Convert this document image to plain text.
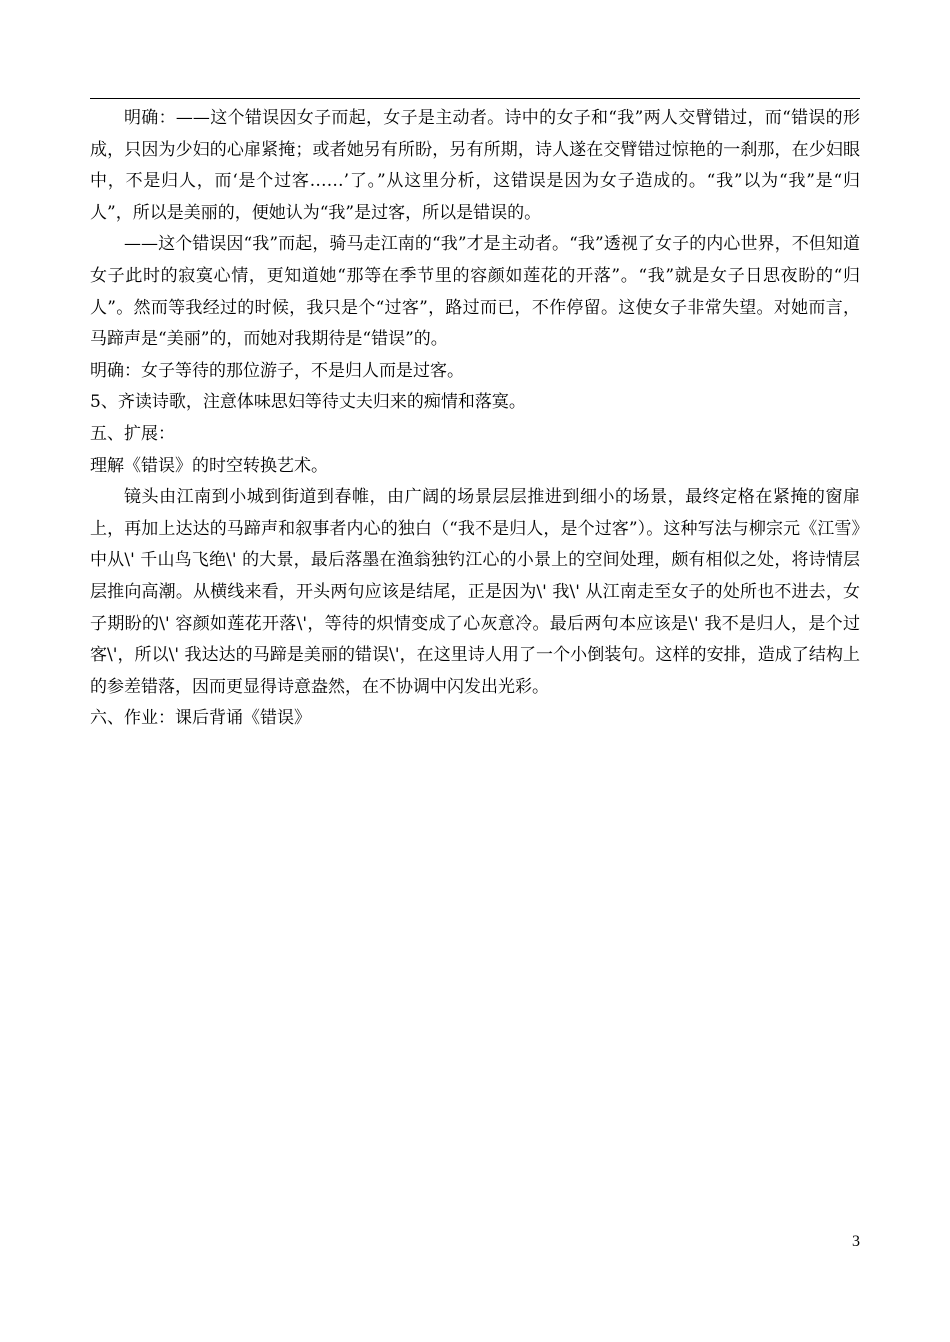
明确：——这个错误因女子而起，女子是主动者。诗中的女子和“我”两人交臂错过，而“错误的形成，只因为少妇的心扉紧掩；或者她另有所盼，另有所期，诗人遂在交臂错过惊艳的一刹那，在少妇眼中，不是归人，而‘是个过客……’了。”从这里分析，这错误是因为女子造成的。“我”以为“我”是“归人”，所以是美丽的，便她认为“我”是过客，所以是错误的。

——这个错误因“我”而起，骑马走江南的“我”才是主动者。“我”透视了女子的内心世界，不但知道女子此时的寂寞心情，更知道她“那等在季节里的容颜如莲花的开落”。“我”就是女子日思夜盼的“归人”。然而等我经过的时候，我只是个“过客”，路过而已，不作停留。这使女子非常失望。对她而言，马蹄声是“美丽”的，而她对我期待是“错误”的。

明确：女子等待的那位游子，不是归人而是过客。

5、齐读诗歌，注意体味思妇等待丈夫归来的痴情和落寞。

五、扩展：

理解《错误》的时空转换艺术。

镜头由江南到小城到街道到春帷，由广阔的场景层层推进到细小的场景，最终定格在紧掩的窗扉上，再加上达达的马蹄声和叙事者内心的独白（“我不是归人，是个过客”）。这种写法与柳宗元《江雪》中从\' 千山鸟飞绝\' 的大景，最后落墨在渔翁独钓江心的小景上的空间处理，颇有相似之处，将诗情层层推向高潮。从横线来看，开头两句应该是结尾，正是因为\' 我\' 从江南走至女子的处所也不进去，女子期盼的\' 容颜如莲花开落\'，等待的炽情变成了心灰意冷。最后两句本应该是\' 我不是归人，是个过客\'，所以\' 我达达的马蹄是美丽的错误\'，在这里诗人用了一个小倒装句。这样的安排，造成了结构上的参差错落，因而更显得诗意盎然，在不协调中闪发出光彩。

六、作业：课后背诵《错误》

3
